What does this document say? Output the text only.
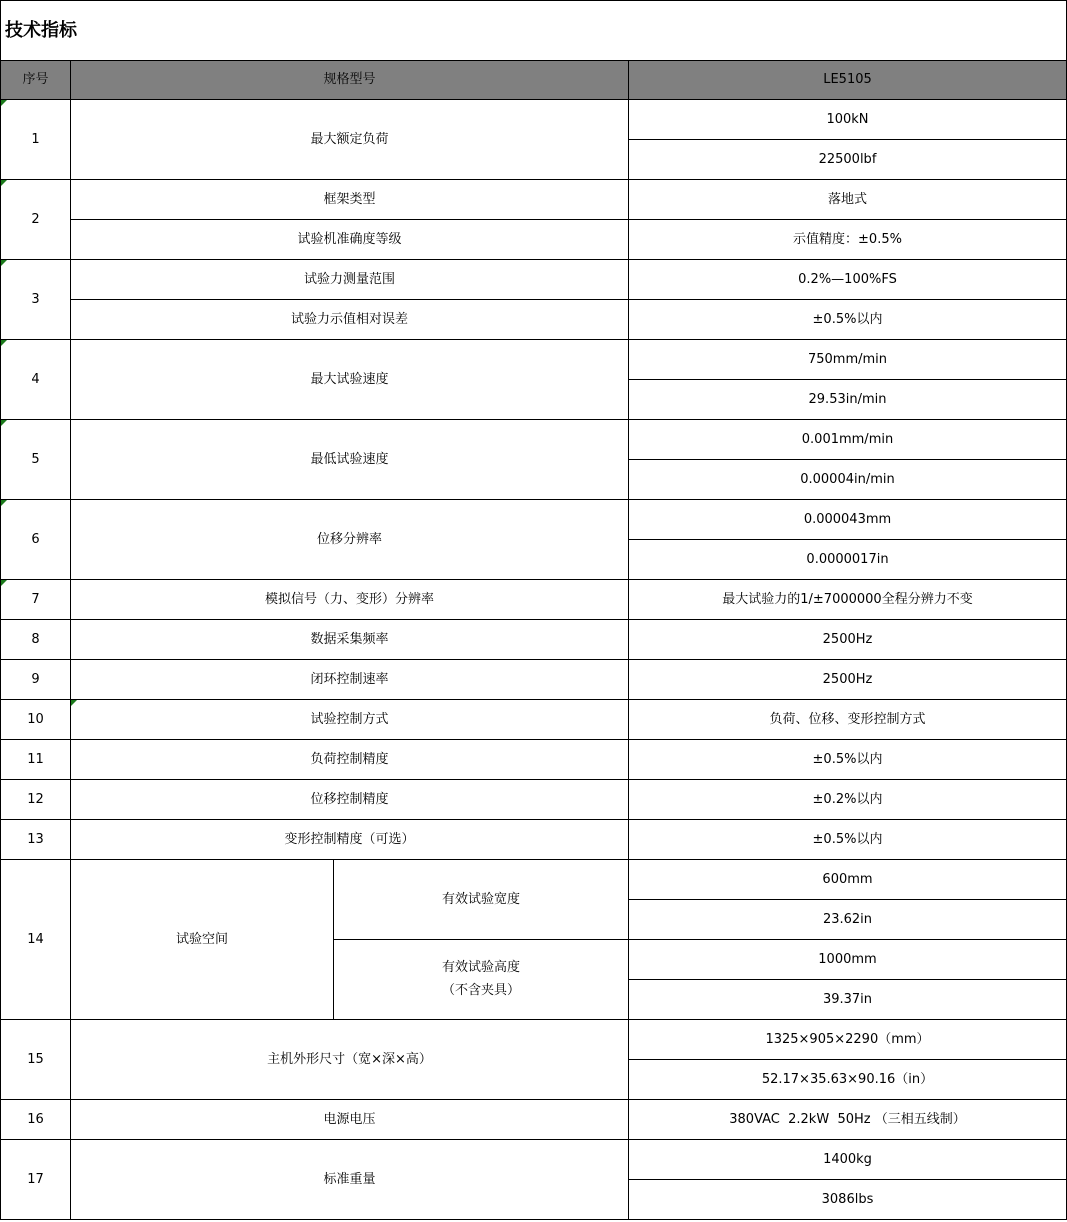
技术指标			
序号	规格型号		LE5105

1	最大额定负荷		100kN
			22500lbf

2	框架类型		落地式
	试验机准确度等级		示值精度：±0.5%

3	试验力测量范围		0.2%—100%FS
	试验力示值相对误差		±0.5%以内

4	最大试验速度		750mm/min
			29.53in/min

5	最低试验速度		0.001mm/min
			0.00004in/min

6	位移分辨率		0.000043mm
			0.0000017in

7	模拟信号（力、变形）分辨率		最大试验力的1/±7000000全程分辨力不变
8	数据采集频率		2500Hz
9	闭环控制速率		2500Hz
10	试验控制方式		负荷、位移、变形控制方式
11	负荷控制精度		±0.5%以内
12	位移控制精度		±0.2%以内
13	变形控制精度（可选）		±0.5%以内
14	试验空间	有效试验宽度	600mm
			23.62in

		有效试验高度
（不含夹具）	1000mm
			39.37in
15	主机外形尺寸（宽×深×高）		1325×905×2290（mm）
			52.17×35.63×90.16（in）
16	电源电压		380VAC  2.2kW  50Hz （三相五线制）
17	标准重量		1400kg
			3086lbs
